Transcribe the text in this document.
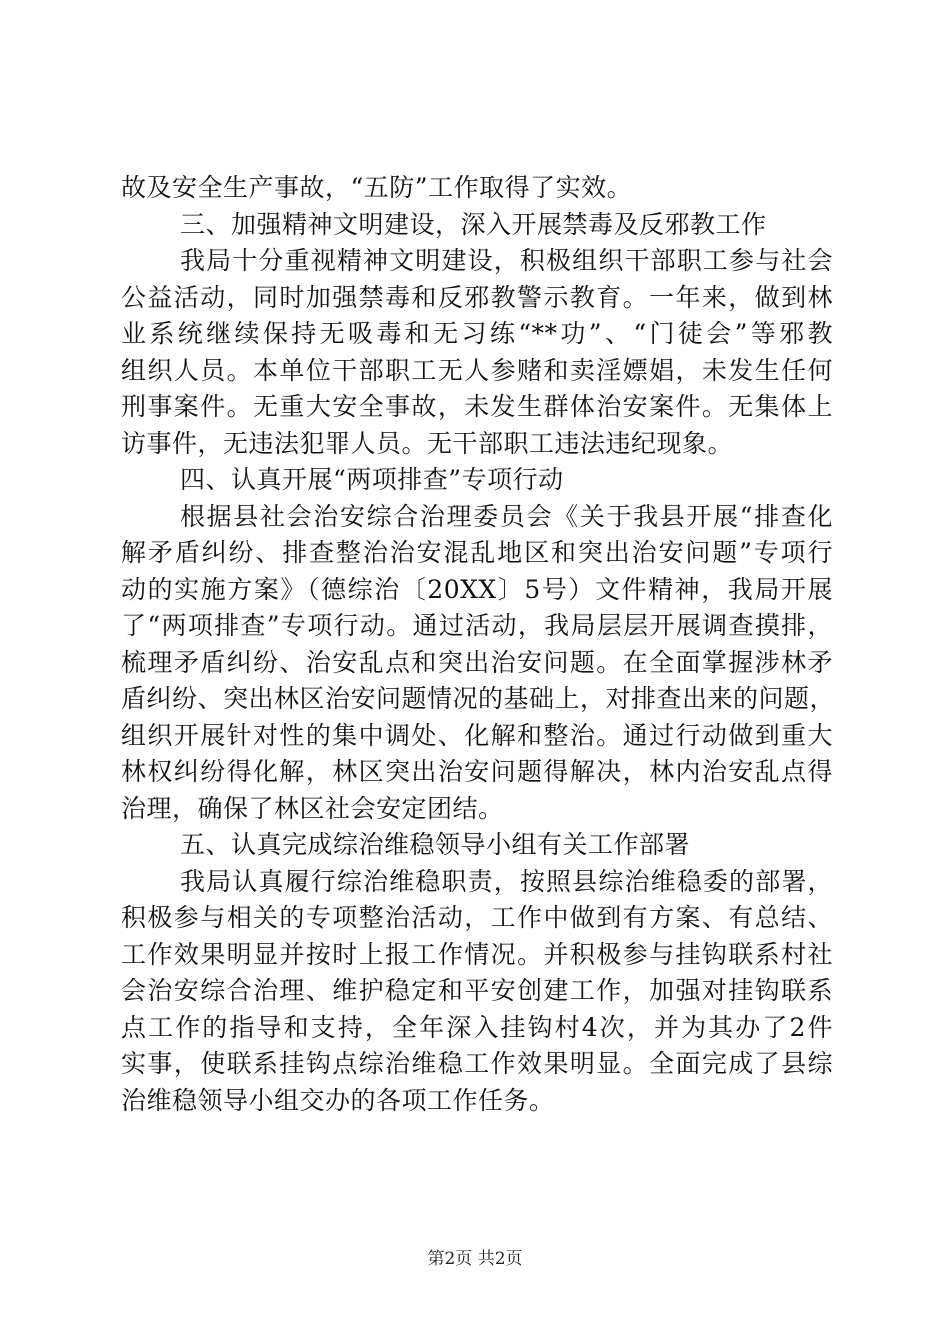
故及安全生产事故，“五防”工作取得了实效。
三、加强精神文明建设，深入开展禁毒及反邪教工作
我局十分重视精神文明建设，积极组织干部职工参与社会
公益活动，同时加强禁毒和反邪教警示教育。一年来，做到林
业系统继续保持无吸毒和无习练“**功”、“门徒会”等邪教
组织人员。本单位干部职工无人参赌和卖淫嫖娼，未发生任何
刑事案件。无重大安全事故，未发生群体治安案件。无集体上
访事件，无违法犯罪人员。无干部职工违法违纪现象。
四、认真开展“两项排查”专项行动
根据县社会治安综合治理委员会《关于我县开展“排查化
解矛盾纠纷、排查整治治安混乱地区和突出治安问题”专项行
动的实施方案》（德综治〔20XX〕5号）文件精神，我局开展
了“两项排查”专项行动。通过活动，我局层层开展调查摸排，
梳理矛盾纠纷、治安乱点和突出治安问题。在全面掌握涉林矛
盾纠纷、突出林区治安问题情况的基础上，对排查出来的问题，
组织开展针对性的集中调处、化解和整治。通过行动做到重大
林权纠纷得化解，林区突出治安问题得解决，林内治安乱点得
治理，确保了林区社会安定团结。
五、认真完成综治维稳领导小组有关工作部署
我局认真履行综治维稳职责，按照县综治维稳委的部署，
积极参与相关的专项整治活动，工作中做到有方案、有总结、
工作效果明显并按时上报工作情况。并积极参与挂钩联系村社
会治安综合治理、维护稳定和平安创建工作，加强对挂钩联系
点工作的指导和支持，全年深入挂钩村4次，并为其办了2件
实事，使联系挂钩点综治维稳工作效果明显。全面完成了县综
治维稳领导小组交办的各项工作任务。
第2页 共2页
